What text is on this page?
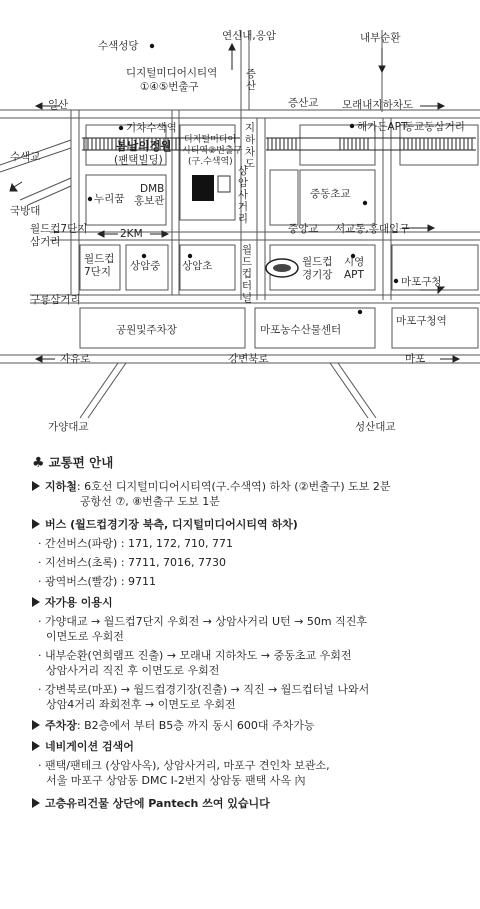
수색성당
연신내,응암	내부순환
디지털미디어시티역
①④⑤번출구
증산
일산	증산교 모래내지하차도
기차수색역
디지털미디어
시티역②번출구
(구.수색역)
지하차도
해가든APT
동교동삼거리
수색교
봄날의정원
(팬택빌딩)
DMB
홍보관
누리꿈
상암사거리
중동초교
국방대
월드컵7단지
삼거리
2KM	중앙교 서교동,홍대입구
월드컵
7단지 상암중 상암초
월드컵터널
월드컵
경기장
시영
APT
마포구청
구룡삼거리
마포구청역
공원및주차장	마포농수산물센터
자유로	강변북로	마포
가양대교	성산대교

♣ 교통편 안내

지하철: 6호선 디지털미디어시티역(구.수색역) 하차 (②번출구) 도보 2분

공항선 ⑦, ⑧번출구 도보 1분

버스 (월드컵경기장 북측, 디지털미디어시티역 하차)

· 간선버스(파랑) : 171, 172, 710, 771

· 지선버스(초록) : 7711, 7016, 7730

· 광역버스(빨강) : 9711

자가용 이용시

· 가양대교 → 월드컵7단지 우회전 → 상암사거리 U턴 → 50m 직진후

이면도로 우회전

· 내부순환(연희램프 진출) → 모래내 지하차도 → 중동초교 우회전

상암사거리 직진 후 이면도로 우회전

· 강변북로(마포) → 월드컵경기장(진출) → 직진 → 월드컵터널 나와서

상암4거리 좌회전후 → 이면도로 우회전

주차장: B2층에서 부터 B5층 까지 동시 600대 주차가능

네비게이션 검색어

· 팬택/팬테크 (상암사옥), 상암사거리, 마포구 견인차 보관소,

서울 마포구 상암동 DMC I-2번지 상암동 팬택 사옥 內

고층유리건물 상단에 Pantech 쓰여 있습니다
